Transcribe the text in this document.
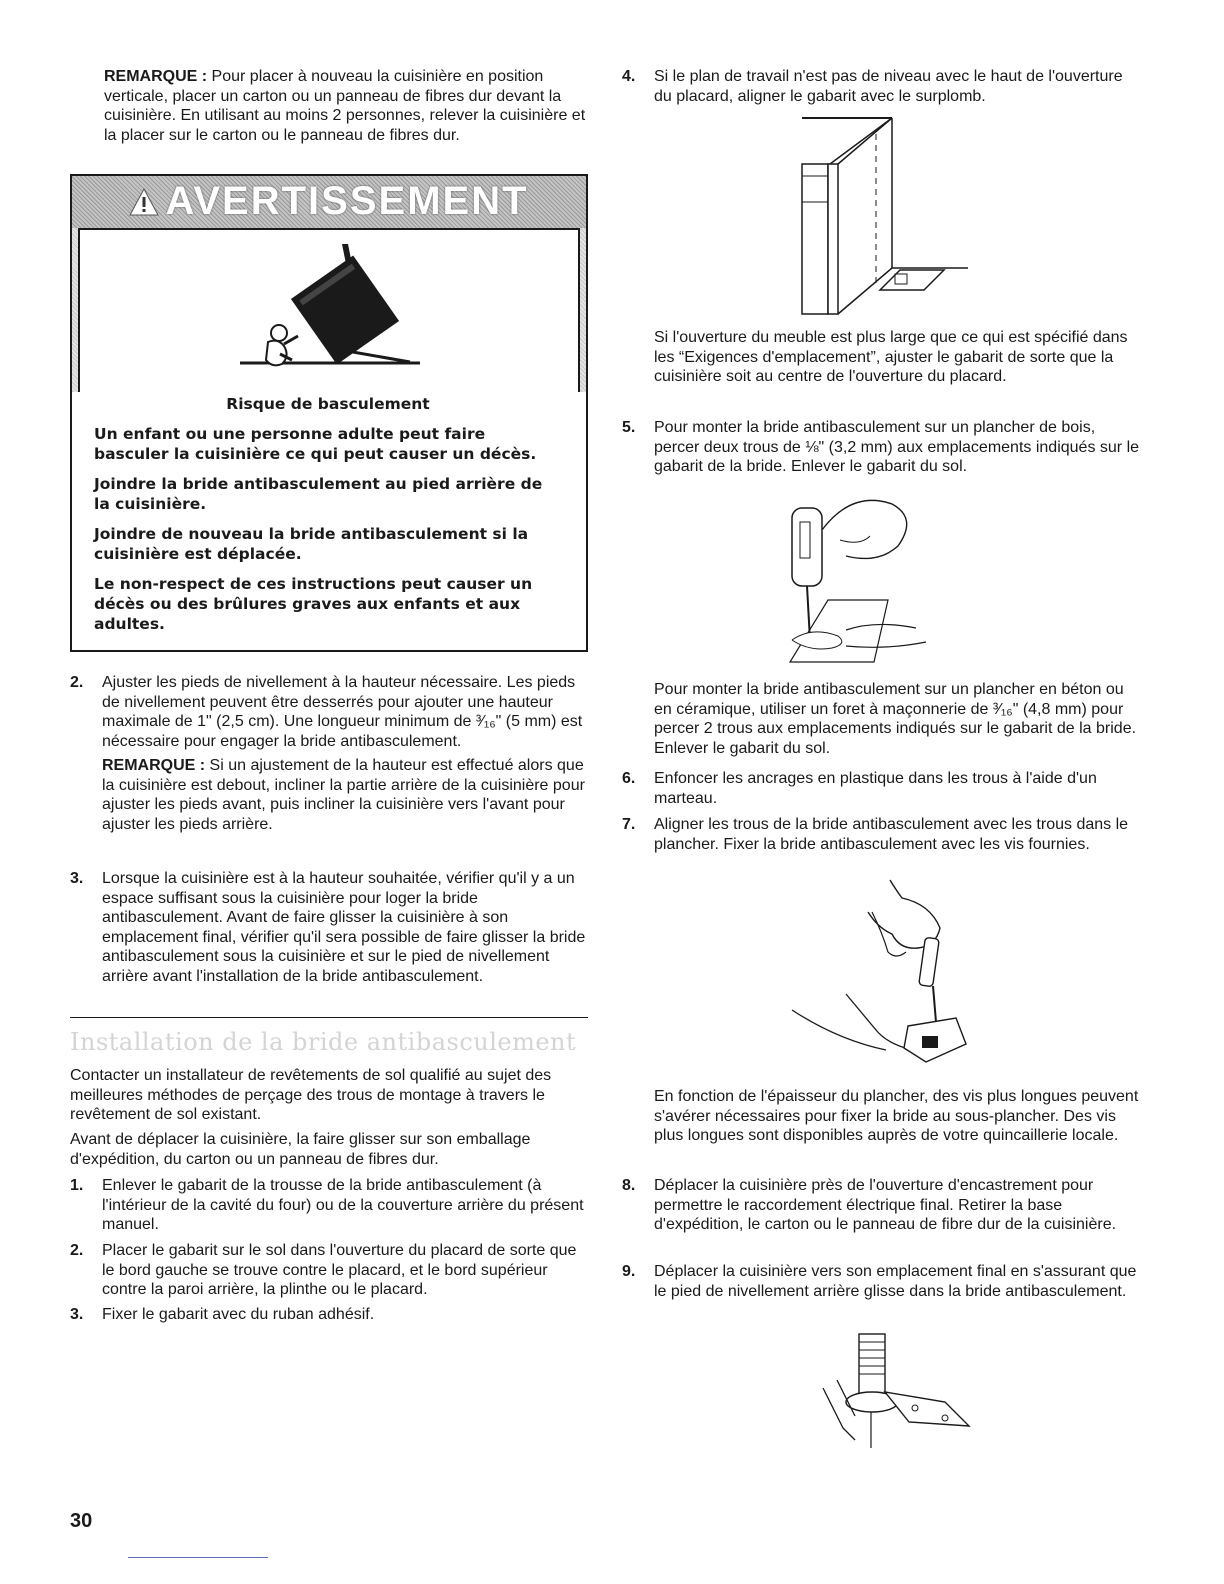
REMARQUE : Pour placer à nouveau la cuisinière en position verticale, placer un carton ou un panneau de fibres dur devant la cuisinière. En utilisant au moins 2 personnes, relever la cuisinière et la placer sur le carton ou le panneau de fibres dur.

AVERTISSEMENT

Risque de basculement

Un enfant ou une personne adulte peut faire basculer la cuisinière ce qui peut causer un décès.

Joindre la bride antibasculement au pied arrière de la cuisinière.

Joindre de nouveau la bride antibasculement si la cuisinière est déplacée.

Le non-respect de ces instructions peut causer un décès ou des brûlures graves aux enfants et aux adultes.

2.	Ajuster les pieds de nivellement à la hauteur nécessaire. Les pieds de nivellement peuvent être desserrés pour ajouter une hauteur maximale de 1" (2,5 cm). Une longueur minimum de ³⁄₁₆" (5 mm) est nécessaire pour engager la bride antibasculement.

REMARQUE : Si un ajustement de la hauteur est effectué alors que la cuisinière est debout, incliner la partie arrière de la cuisinière pour ajuster les pieds avant, puis incliner la cuisinière vers l'avant pour ajuster les pieds arrière.

3.	Lorsque la cuisinière est à la hauteur souhaitée, vérifier qu'il y a un espace suffisant sous la cuisinière pour loger la bride antibasculement. Avant de faire glisser la cuisinière à son emplacement final, vérifier qu'il sera possible de faire glisser la bride antibasculement sous la cuisinière et sur le pied de nivellement arrière avant l'installation de la bride antibasculement.
Installation de la bride antibasculement

Contacter un installateur de revêtements de sol qualifié au sujet des meilleures méthodes de perçage des trous de montage à travers le revêtement de sol existant.

Avant de déplacer la cuisinière, la faire glisser sur son emballage d'expédition, du carton ou un panneau de fibres dur.

1.	Enlever le gabarit de la trousse de la bride antibasculement (à l'intérieur de la cavité du four) ou de la couverture arrière du présent manuel.
2.	Placer le gabarit sur le sol dans l'ouverture du placard de sorte que le bord gauche se trouve contre le placard, et le bord supérieur contre la paroi arrière, la plinthe ou le placard.
3.	Fixer le gabarit avec du ruban adhésif.
30
4.	Si le plan de travail n'est pas de niveau avec le haut de l'ouverture du placard, aligner le gabarit avec le surplomb.

Si l'ouverture du meuble est plus large que ce qui est spécifié dans les “Exigences d'emplacement”, ajuster le gabarit de sorte que la cuisinière soit au centre de l'ouverture du placard.

5.	Pour monter la bride antibasculement sur un plancher de bois, percer deux trous de ⅛" (3,2 mm) aux emplacements indiqués sur le gabarit de la bride. Enlever le gabarit du sol.

Pour monter la bride antibasculement sur un plancher en béton ou en céramique, utiliser un foret à maçonnerie de ³⁄₁₆" (4,8 mm) pour percer 2 trous aux emplacements indiqués sur le gabarit de la bride. Enlever le gabarit du sol.

6.	Enfoncer les ancrages en plastique dans les trous à l'aide d'un marteau.
7.	Aligner les trous de la bride antibasculement avec les trous dans le plancher. Fixer la bride antibasculement avec les vis fournies.

En fonction de l'épaisseur du plancher, des vis plus longues peuvent s'avérer nécessaires pour fixer la bride au sous-plancher. Des vis plus longues sont disponibles auprès de votre quincaillerie locale.

8.	Déplacer la cuisinière près de l'ouverture d'encastrement pour permettre le raccordement électrique final. Retirer la base d'expédition, le carton ou le panneau de fibre dur de la cuisinière.
9.	Déplacer la cuisinière vers son emplacement final en s'assurant que le pied de nivellement arrière glisse dans la bride antibasculement.
